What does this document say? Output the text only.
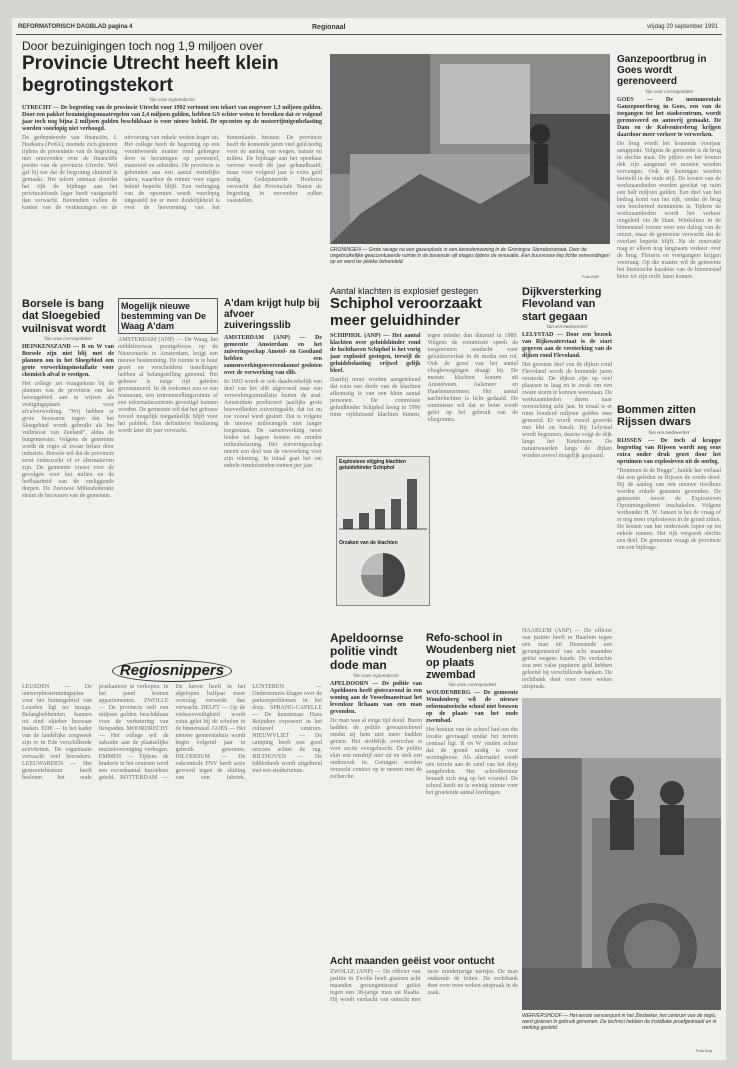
REFORMATORISCH DAGBLAD pagina 4	Regionaal	vrijdag 20 september 1991
Door bezuinigingen toch nog 1,9 miljoen over
Provincie Utrecht heeft klein begrotingstekort
Van onze regioredactie
UTRECHT — De begroting van de provincie Utrecht voor 1992 vertoont een tekort van ongeveer 1,3 miljoen gulden. Door een pakket bezuinigingsmaatregelen van 2,4 miljoen gulden, hebben GS echter weten te bereiken dat er volgend jaar toch nog bijna 2 miljoen gulden beschikbaar is voor nieuw beleid. De opcenten op de motorrijtuigenbelasting worden voorlopig niet verhoogd.
De gedeputeerde van financiën, J. Hoekstra (PvdA), noemde zich gisteren tijdens de presentatie van de begroting niet ontevreden over de financiële positie van de provincie Utrecht. Wel gaf hij toe dat de begroting sluitend is gemaakt. Het tekort ontstaat doordat het rijk de bijdrage aan het provinciefonds lager heeft vastgesteld dan verwacht. Bovendien vallen de kosten van de verkiezingen en de uitvoering van enkele wetten hoger uit. Het college heeft de begroting op een verantwoorde manier rond gekregen door te bezuinigen op personeel, materieel en subsidies. De provincie is gebonden aan een aantal wettelijke taken, waardoor de ruimte voor eigen beleid beperkt blijft. Een verhoging van de opcenten wordt voorlopig uitgesteld tot er meer duidelijkheid is over de hervorming van het binnenlands bestuur. De provincie heeft de komende jaren veel geld nodig voor de aanleg van wegen, natuur en milieu. De bijdrage aan het openbaar vervoer wordt dit jaar gehandhaafd, maar voor volgend jaar is extra geld nodig. Gedeputeerde Hoekstra verwacht dat Provinciale Staten de begroting in november zullen vaststellen.
GRONINGEN — Grote ravage na een gasexplosie in een benedenwoning in de Groningse Sterrebosstraat. Door de ongebruikelijke geaccentueerde ruimte in de bovenste vijf etages tijdens de renovatie. Een buurvrouw liep lichte verwondingen op en werd ter plekke behandeld.
Foto ANP
Ganzepoortbrug in Goes wordt gerenoveerd
Van onze correspondent
GOES — De monumentale Ganzepoortbrug in Goes, een van de toegangen tot het stadscentrum, wordt gerenoveerd en autovrij gemaakt. De Dam en de Kolveniersbrug krijgen daardoor meer verkeer te verwerken.
De brug wordt het komende voorjaar aangepakt. Volgens de gemeente is de brug in slechte staat. De pijlers en het houten dek zijn aangetast en moeten worden vervangen. Ook de leuningen worden hersteld in de oude stijl. De kosten van de werkzaamheden worden geschat op ruim een half miljoen gulden. Een deel van het bedrag komt van het rijk, omdat de brug een beschermd monument is. Tijdens de werkzaamheden wordt het verkeer omgeleid via de Dam. Winkeliers in de binnenstad vrezen voor een daling van de omzet, maar de gemeente verwacht dat de overlast beperkt blijft. Na de renovatie mag er alleen nog langzaam verkeer over de brug. Fietsers en voetgangers krijgen voorrang. Op die manier wil de gemeente het historische karakter van de binnenstad beter tot zijn recht laten komen.
Bommen zitten Rijssen dwars
Van een medewerker
RIJSSEN — De toch al krappe begroting van Rijssen wordt nog eens extra onder druk gezet door het opruimen van explosieven uit de oorlog.
"Bommen in de Regge", luidde het verhaal dat een geleden in Rijssen de ronde deed. Bij de aanleg van een nieuwe rioolbuis werden enkele granaten gevonden. De gemeente moest de Explosieven Opruimingsdienst inschakelen. Volgens wethouder H. W. Jansen is het de vraag of er nog meer explosieven in de grond zitten. De kosten van het onderzoek lopen op tot enkele tonnen. Het rijk vergoedt slechts een deel. De gemeente vraagt de provincie om een bijdrage.
Borsele is bang dat Sloegebied vuilnisvat wordt
Van onze correspondent
HEINKENSZAND — B en W van Borsele zijn niet blij met de plannen om in het Sloegebied een grote verwerkingsinstallatie voor chemisch afval te vestigen.
Het college zet vraagtekens bij de plannen van de provincie om het havengebied aan te wijzen als vestigingsplaats voor afvalverwerking. "Wij hebben er grote bezwaren tegen dat het Sloegebied wordt gebruikt als het vuilnisvat van Zeeland", aldus de burgemeester. Volgens de gemeente wordt de regio al zwaar belast door industrie. Borsele wil dat de provincie eerst onderzoekt of er alternatieven zijn. De gemeente vreest voor de gevolgen voor het milieu en de leefbaarheid van de omliggende dorpen. De Zeeuwse Milieufederatie steunt de bezwaren van de gemeente.
Mogelijk nieuwe bestemming van De Waag A'dam
AMSTERDAM (ANP) — De Waag, het middeleeuwse poortgebouw op de Nieuwmarkt in Amsterdam, krijgt een nieuwe bestemming. De ruimte is te huur gezet en verscheidene instellingen hebben al belangstelling getoond. Het gebouw is enige tijd geleden gerestaureerd. In de toekomst zou er een restaurant, een tentoonstellingsruimte of een informatiecentrum gevestigd kunnen worden. De gemeente wil dat het gebouw zoveel mogelijk toegankelijk blijft voor het publiek. Een definitieve beslissing wordt later dit jaar verwacht.
A'dam krijgt hulp bij afvoer zuiveringsslib
AMSTERDAM (ANP) — De gemeente Amsterdam en het zuiveringsschap Amstel- en Gooiland hebben een samenwerkingsovereenkomst gesloten over de verwerking van slib.
In 1993 wordt er ook daadwerkelijk een deel van het slib afgevoerd naar een verwerkingsinstallatie buiten de stad. Amsterdam produceert jaarlijks grote hoeveelheden zuiveringsslib, dat tot nu toe vooral werd gestort. Dat is volgens de nieuwe milieuregels niet langer toegestaan. De samenwerking moet leiden tot lagere kosten en minder milieubelasting. Het zuiveringsschap neemt een deel van de verwerking voor zijn rekening. In totaal gaat het om enkele tienduizenden tonnen per jaar.
Aantal klachten is explosief gestegen
Schiphol veroorzaakt meer geluidhinder
SCHIPHOL (ANP) — Het aantal klachten over geluidshinder rond de luchthaven Schiphol is het vorig jaar explosief gestegen, terwijl de geluidsbelasting vrijwel gelijk bleef.
Daarbij moet worden aangetekend dat ruim een derde van de klachten afkomstig is van een klein aantal personen. De commissie geluidhinder Schiphol kreeg in 1990 ruim vijfduizend klachten binnen, tegen minder dan duizend in 1989. Volgens de commissie speelt de toegenomen aandacht voor geluidsoverlast in de media een rol. Ook de groei van het aantal vliegbewegingen draagt bij. De meeste klachten komen uit Amstelveen, Aalsmeer en Haarlemmermeer. Het aantal nachtvluchten is licht gedaald. De commissie wil dat er beter wordt gelet op het gebruik van de vliegroutes.
Explosieve stijging klachten geluidshinder Schiphol
Orzaken van de klachten
Dijkversterking Flevoland van start gegaan
Van een medewerker
LELYSTAD — Door een bezoek van Rijkswaterstaat is de start gegeven aan de versterking van de dijken rond Flevoland.
Het grootste deel van de dijken rond Flevoland wordt de komende jaren versterkt. De dijken zijn op veel plaatsen te laag en te zwak om een zware storm te kunnen weerstaan. De werkzaamheden duren naar verwachting acht jaar. In totaal is er ruim honderd miljoen gulden mee gemoeid. Er wordt vooral gewerkt met klei en basalt. Bij Lelystad wordt begonnen, daarna volgt de dijk langs het Ketelmeer. De natuurwaarden langs de dijken worden zoveel mogelijk gespaard.
HAARLEM (ANP) — De officier van justitie heeft in Haarlem tegen een man uit Heemstede een gevangenisstraf van acht maanden geëist wegens fraude. De verdachte zou met valse papieren geld hebben geleend bij verschillende banken. De rechtbank doet over twee weken uitspraak.
Regiosnippers
LEUSDEN — De ontwerpbestemmingsplan voor het buitengebied van Leusden ligt ter inzage. Belanghebbenden kunnen tot eind oktober bezwaar maken. EDE — In het kader van de landelijke zorgweek zijn er in Ede verschillende activiteiten. De organisatie verwacht veel bezoekers. LEEUWARDEN — Het gemeentebestuur heeft besloten het oude postkantoor te verkopen. In het pand komen appartementen. ZWOLLE — De provincie stelt een miljoen gulden beschikbaar voor de verbetering van fietspaden. MOORDRECHT — Het college wil de subsidie aan de plaatselijke muziekvereniging verhogen. EMMEN — Tijdens de braderie in het centrum werd een recordaantal bezoekers geteld. ROTTERDAM — De haven heeft in het afgelopen halfjaar meer overslag verwerkt dan verwacht. DELFT — Op de verkeersveiligheid wordt extra gelet bij de scholen in de binnenstad. GOES — Het nieuwe gemeentehuis wordt begin volgend jaar in gebruik genomen. HILVERSUM — De vakcentrale FNV heeft actie gevoerd tegen de sluiting van een fabriek. LUNTEREN — Ondernemers klagen over de parkeerproblemen in het dorp. SPRANG-CAPELLE — De kunstenaar Hans Reijnders exposeert in het cultureel centrum. NIEUWVLIET — De camping heeft een goed seizoen achter de rug. BILTHOVEN — De bibliotheek wordt uitgebreid met een studieruimte.
Apeldoornse politie vindt dode man
Van onze regioredactie
APELDOORN — De politie van Apeldoorn heeft gisteravond in een woning aan de Vosselmanstraat het levenloze lichaam van een man gevonden.
De man was al enige tijd dood. Buren hadden de politie gewaarschuwd omdat zij hem niet meer hadden gezien. Het stoffelijk overschot is voor sectie overgebracht. De politie sluit een misdrijf niet uit en stelt een onderzoek in. Getuigen worden verzocht contact op te nemen met de recherche.
Refo-school in Woudenberg niet op plaats zwembad
Van onze correspondent
WOUDENBERG — De gemeente Woudenberg wil de nieuwe reformatorische school niet bouwen op de plaats van het oude zwembad.
Het bestuur van de school had om die locatie gevraagd omdat het terrein centraal ligt. B en W vinden echter dat de grond nodig is voor woningbouw. Als alternatief wordt een terrein aan de rand van het dorp aangeboden. Het schoolbestuur beraadt zich nog op het voorstel. De school heeft nu te weinig ruimte voor het groeiende aantal leerlingen.
Acht maanden geëist voor ontucht
ZWOLLE (ANP) — De officier van justitie in Zwolle heeft gisteren acht maanden gevangenisstraf geëist tegen een 38-jarige man uit Raalte. Hij wordt verdacht van ontucht met twee minderjarige meisjes. De man ontkende de feiten. De rechtbank doet over twee weken uitspraak in de zaak.
WERVERSHOOF — Het eerste vervoerpunt in het Ziesbeker, het centrum van de regio, werd gisteren in gebruik genomen. De technici hebben de installatie proefgedraaid en in werking gesteld.
Foto Anp
